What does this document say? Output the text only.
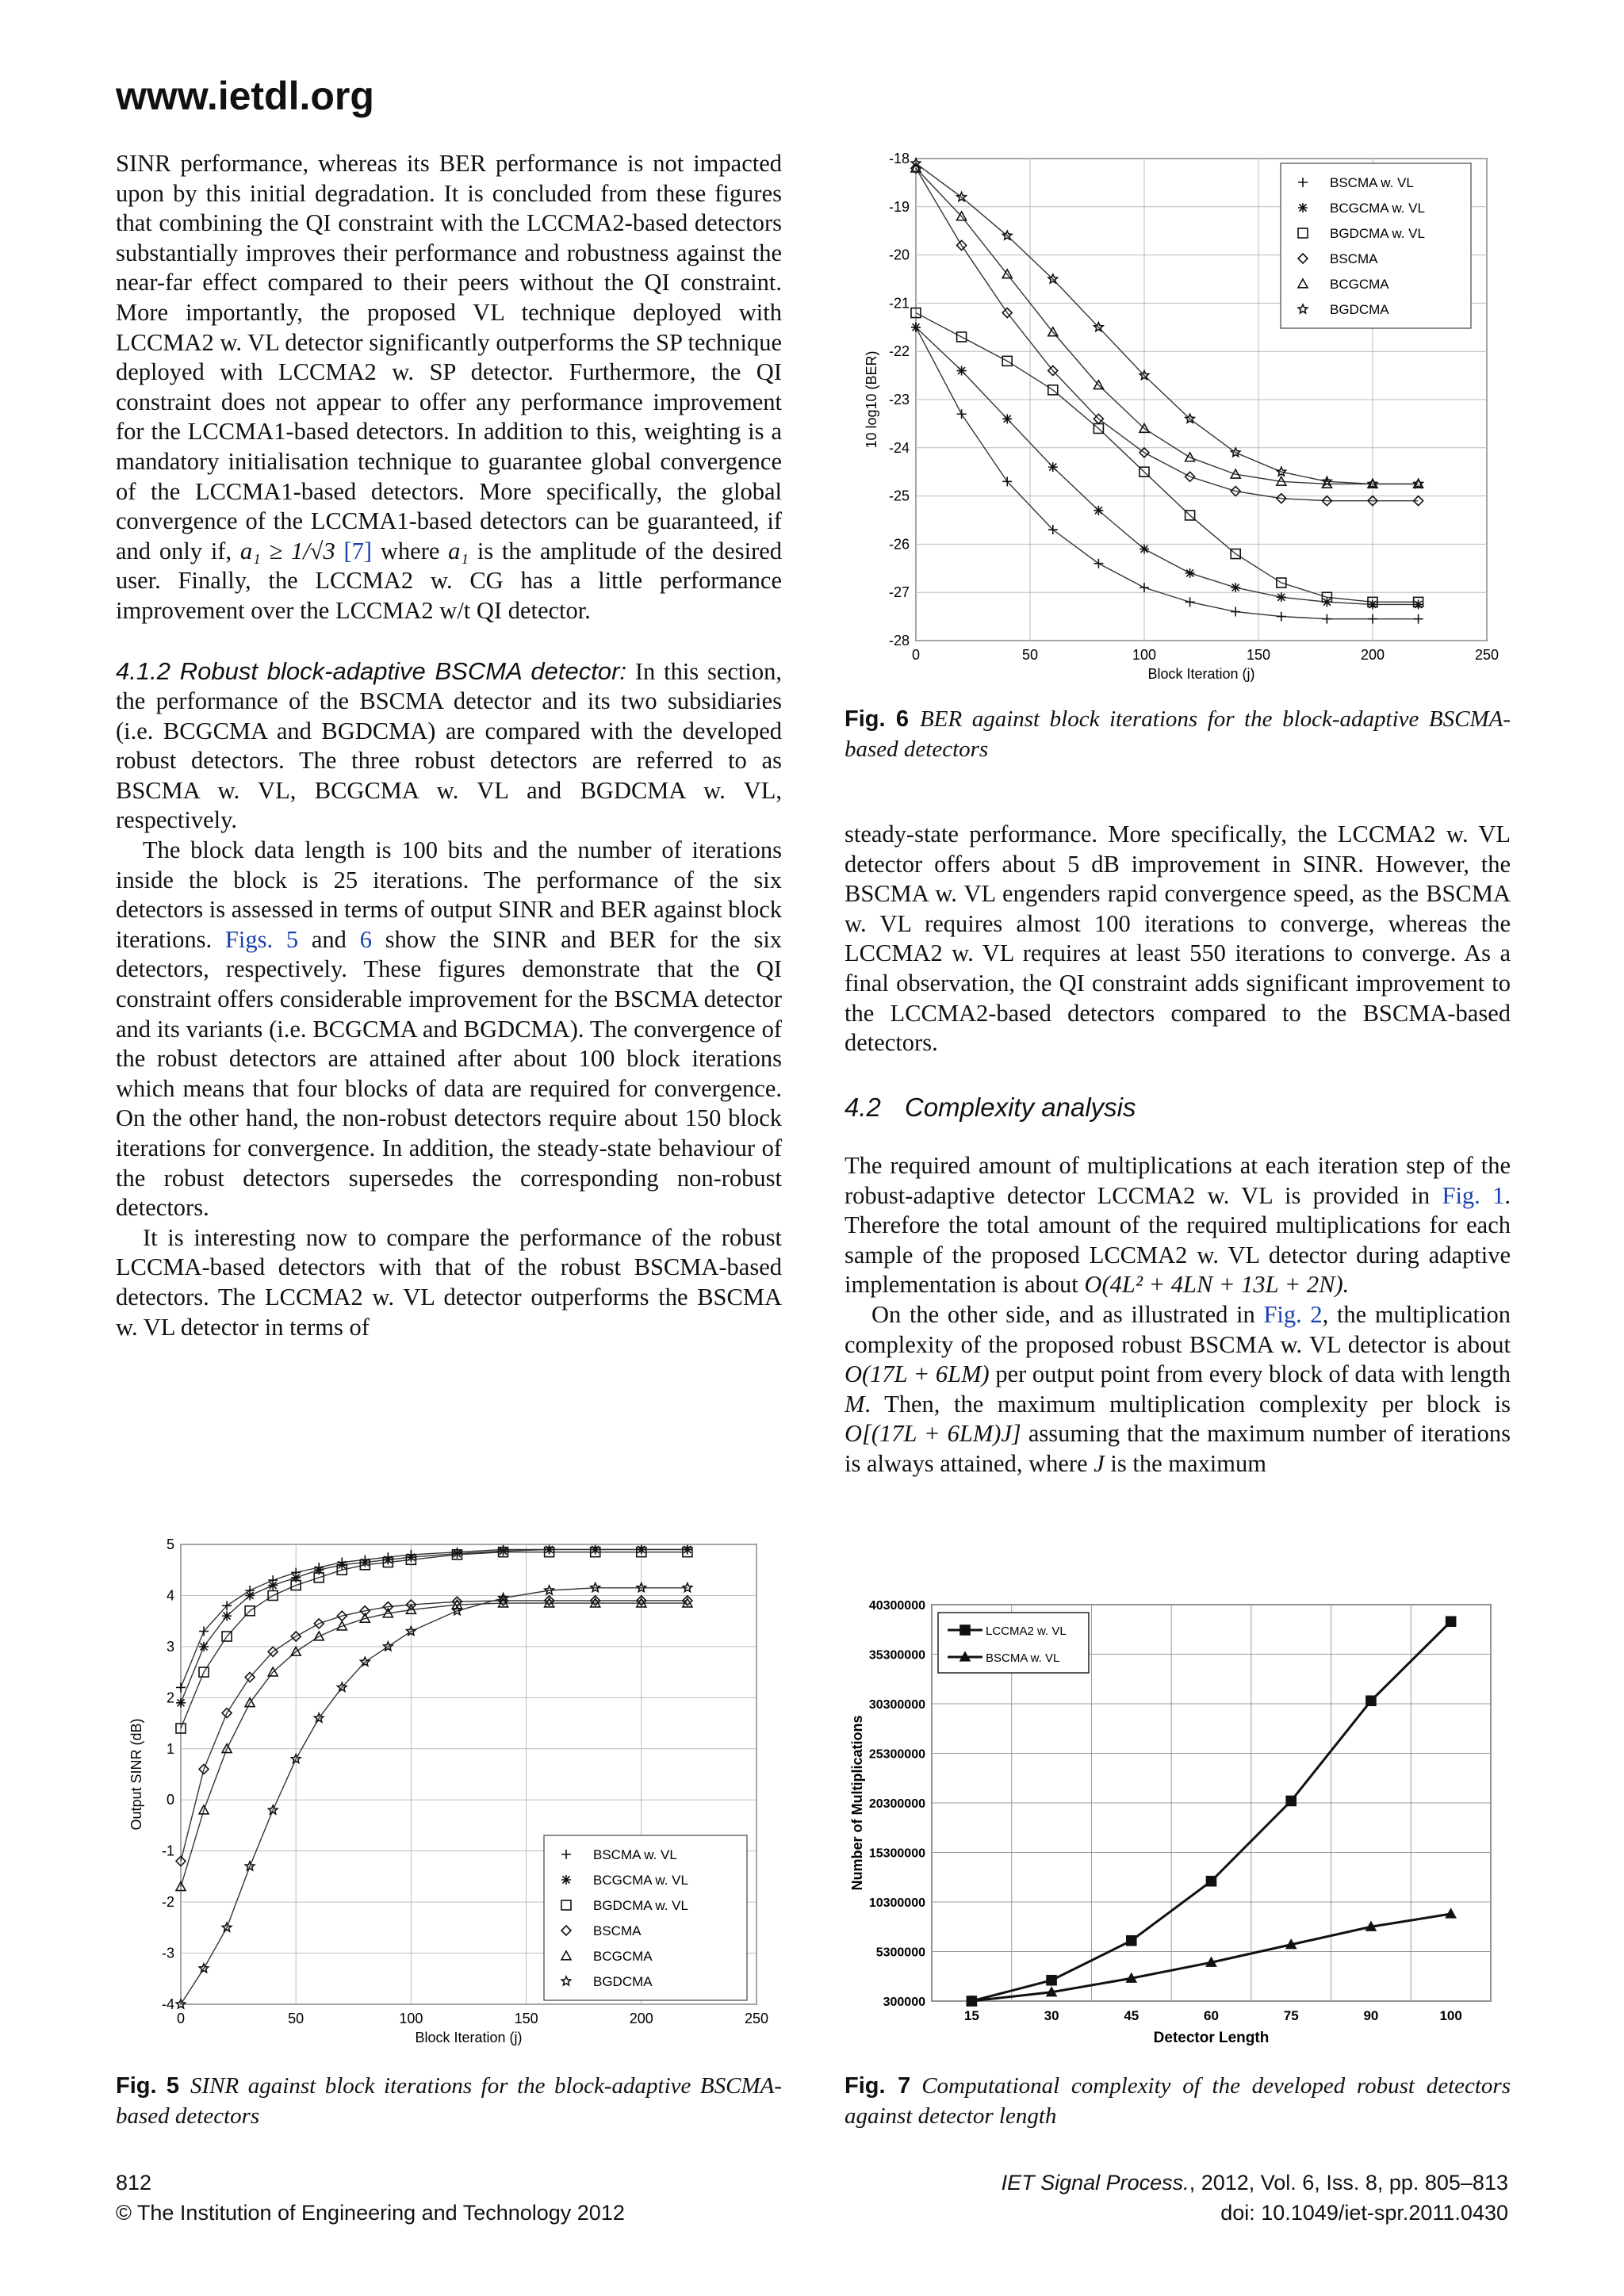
www.ietdl.org

SINR performance, whereas its BER performance is not impacted upon by this initial degradation. It is concluded from these figures that combining the QI constraint with the LCCMA2-based detectors substantially improves their performance and robustness against the near-far effect compared to their peers without the QI constraint. More importantly, the proposed VL technique deployed with LCCMA2 w. VL detector significantly outperforms the SP technique deployed with LCCMA2 w. SP detector. Furthermore, the QI constraint does not appear to offer any performance improvement for the LCCMA1-based detectors. In addition to this, weighting is a mandatory initialisation technique to guarantee global convergence of the LCCMA1-based detectors. More specifically, the global convergence of the LCCMA1-based detectors can be guaranteed, if and only if, a₁ ≥ 1/√3 [7] where a₁ is the amplitude of the desired user. Finally, the LCCMA2 w. CG has a little performance improvement over the LCCMA2 w/t QI detector.

4.1.2 Robust block-adaptive BSCMA detector: In this section, the performance of the BSCMA detector and its two subsidiaries (i.e. BCGCMA and BGDCMA) are compared with the developed robust detectors. The three robust detectors are referred to as BSCMA w. VL, BCGCMA w. VL and BGDCMA w. VL, respectively.

The block data length is 100 bits and the number of iterations inside the block is 25 iterations. The performance of the six detectors is assessed in terms of output SINR and BER against block iterations. Figs. 5 and 6 show the SINR and BER for the six detectors, respectively. These figures demonstrate that the QI constraint offers considerable improvement for the BSCMA detector and its variants (i.e. BCGCMA and BGDCMA). The convergence of the robust detectors are attained after about 100 block iterations which means that four blocks of data are required for convergence. On the other hand, the non-robust detectors require about 150 block iterations for convergence. In addition, the steady-state behaviour of the robust detectors supersedes the corresponding non-robust detectors.

It is interesting now to compare the performance of the robust LCCMA-based detectors with that of the robust BSCMA-based detectors. The LCCMA2 w. VL detector outperforms the BSCMA w. VL detector in terms of

steady-state performance. More specifically, the LCCMA2 w. VL detector offers about 5 dB improvement in SINR. However, the BSCMA w. VL engenders rapid convergence speed, as the BSCMA w. VL requires almost 100 iterations to converge, whereas the LCCMA2 w. VL requires at least 550 iterations to converge. As a final observation, the QI constraint adds significant improvement to the LCCMA2-based detectors compared to the BSCMA-based detectors.

4.2 Complexity analysis

The required amount of multiplications at each iteration step of the robust-adaptive detector LCCMA2 w. VL is provided in Fig. 1. Therefore the total amount of the required multiplications for each sample of the proposed LCCMA2 w. VL detector during adaptive implementation is about O(4L² + 4LN + 13L + 2N).

On the other side, and as illustrated in Fig. 2, the multiplication complexity of the proposed robust BSCMA w. VL detector is about O(17L + 6LM) per output point from every block of data with length M. Then, the maximum multiplication complexity per block is O[(17L + 6LM)J] assuming that the maximum number of iterations is always attained, where J is the maximum

0	50	100	150	200	250
-28
-27
-26
-25
-24
-23
-22
-21
-20
-19
-18
Block Iteration (j)
10 log10 (BER)
BSCMA w. VL
BCGCMA w. VL
BGDCMA w. VL
BSCMA
BCGCMA
BGDCMA
Fig. 6 BER against block iterations for the block-adaptive BSCMA-based detectors
0	50	100	150	200	250
-4
-3
-2
-1
0
1
2
3
4
5
Block Iteration (j)
Output SINR (dB)
BSCMA w. VL
BCGCMA w. VL
BGDCMA w. VL
BSCMA
BCGCMA
BGDCMA
Fig. 5 SINR against block iterations for the block-adaptive BSCMA-based detectors
300000
5300000
10300000
15300000
20300000
25300000
30300000
35300000
40300000
15	30	45	60	75	90	100
Detector Length
Number of Multiplications
LCCMA2 w. VL
BSCMA w. VL
Fig. 7 Computational complexity of the developed robust detectors against detector length
812
© The Institution of Engineering and Technology 2012
IET Signal Process., 2012, Vol. 6, Iss. 8, pp. 805–813
doi: 10.1049/iet-spr.2011.0430
